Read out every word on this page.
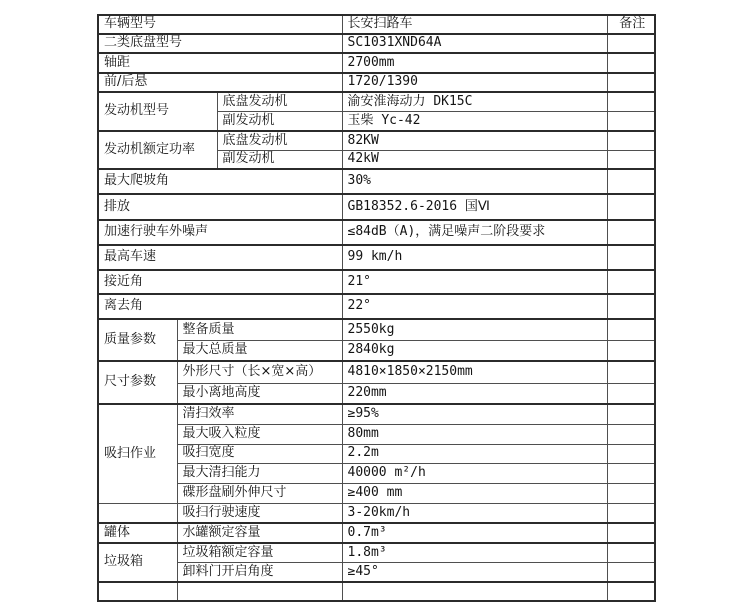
车辆型号			长安扫路车	备注
二类底盘型号			SC1031XND64A	
轴距			2700mm	
前/后悬			1720/1390	
发动机型号		底盘发动机	渝安淮海动力 DK15C	
		副发动机	玉柴 Yc-42	
发动机额定功率		底盘发动机	82KW	
		副发动机	42kW	
最大爬坡角			30%	
排放			GB18352.6-2016 国Ⅵ	
加速行驶车外噪声			≤84dB（A)，满足噪声二阶段要求	
最高车速			99 km/h	
接近角			21°	
离去角			22°	
质量参数	整备质量		2550kg	
	最大总质量		2840kg	
尺寸参数	外形尺寸（长×宽×高）		4810×1850×2150mm	
	最小离地高度		220mm	
吸扫作业	清扫效率		≥95%	
	最大吸入粒度		80mm	
	吸扫宽度		2.2m	
	最大清扫能力		40000 m²/h	
	碟形盘刷外伸尺寸		≥400 mm	
	吸扫行驶速度		3-20km/h	
罐体	水罐额定容量		0.7m³	
垃圾箱	垃圾箱额定容量		1.8m³	
	卸料门开启角度		≥45°	
